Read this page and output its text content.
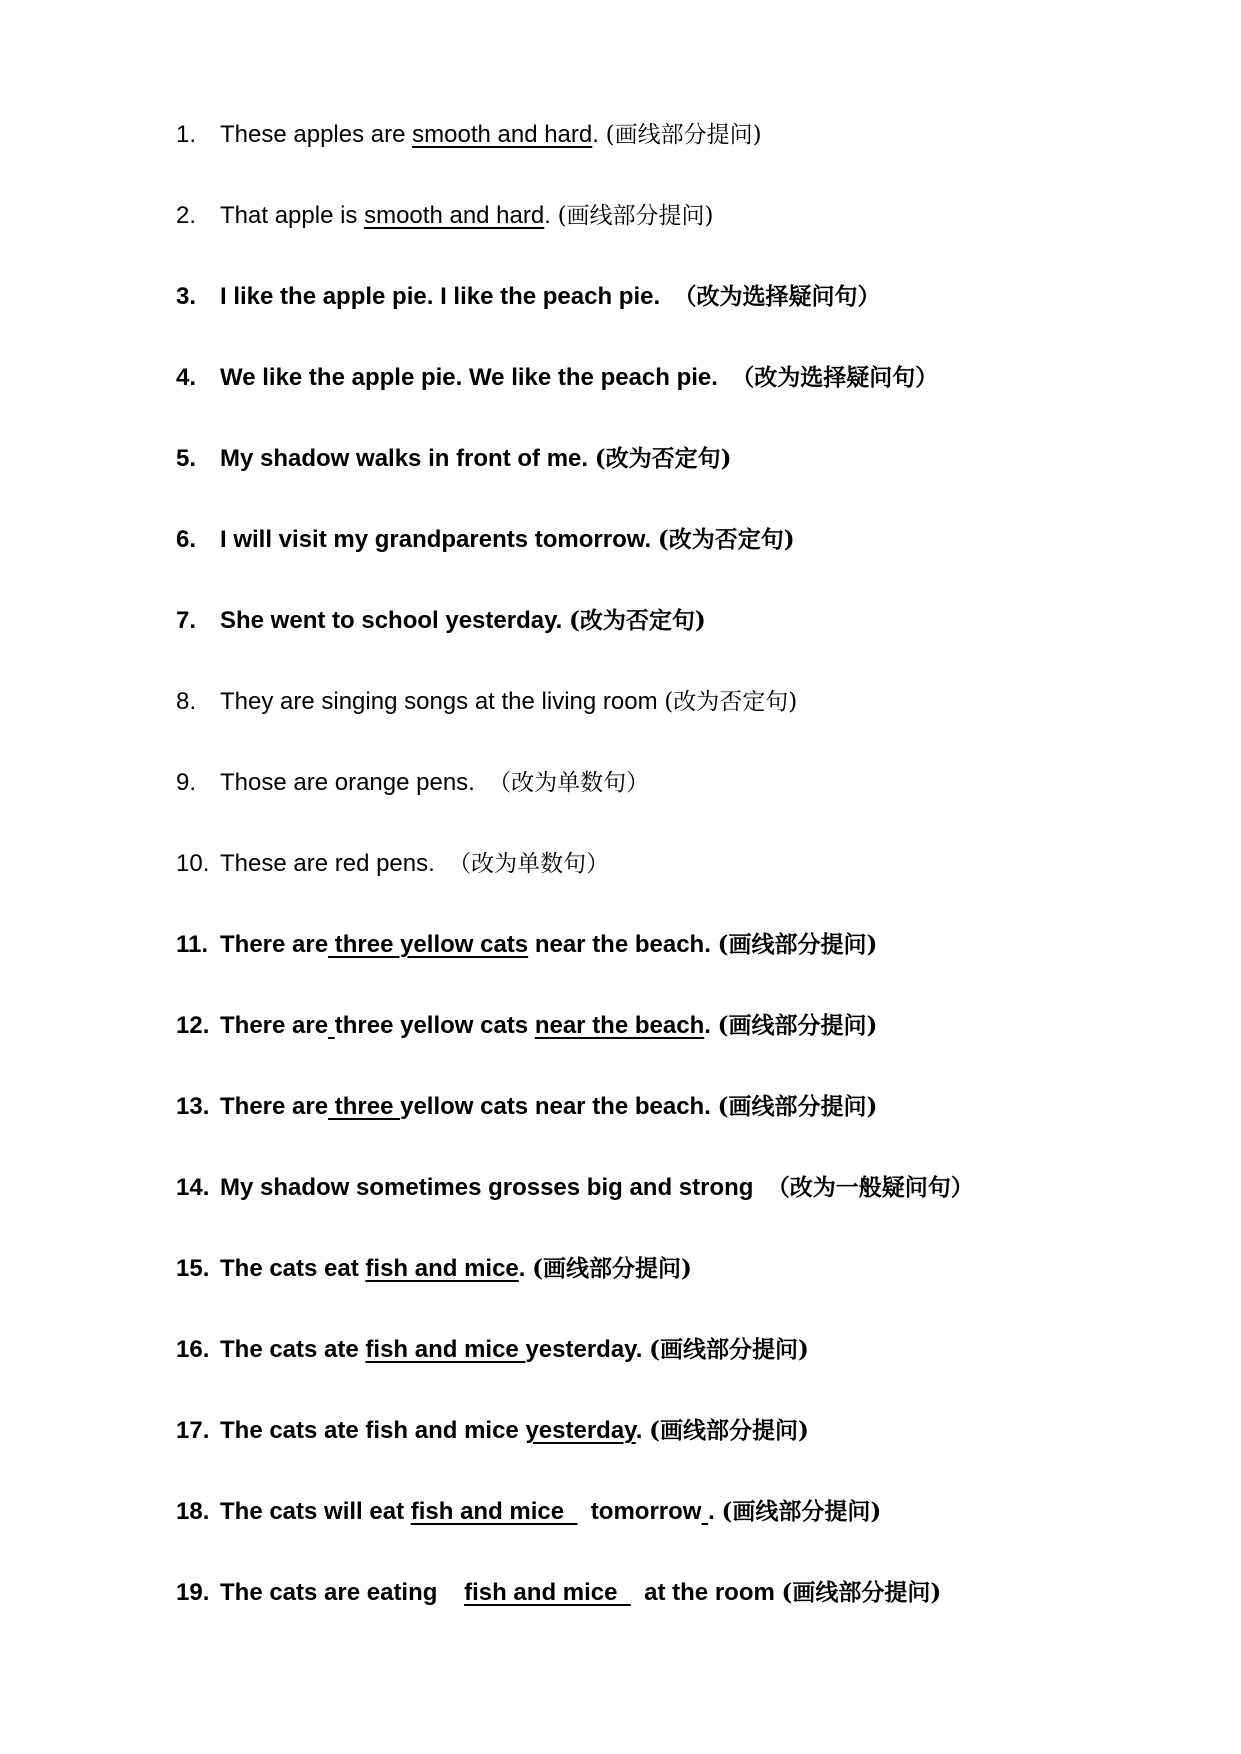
1. These apples are smooth and hard. (画线部分提问)
2. That apple is smooth and hard. (画线部分提问)
3. I like the apple pie. I like the peach pie.  （改为选择疑问句）
4. We like the apple pie. We like the peach pie.  （改为选择疑问句）
5. My shadow walks in front of me. (改为否定句)
6. I will visit my grandparents tomorrow. (改为否定句)
7. She went to school yesterday. (改为否定句)
8. They are singing songs at the living room (改为否定句)
9. Those are orange pens.  （改为单数句）
10. These are red pens.  （改为单数句）
11. There are three yellow cats near the beach. (画线部分提问)
12. There are three yellow cats near the beach. (画线部分提问)
13. There are three yellow cats near the beach. (画线部分提问)
14. My shadow sometimes grosses big and strong  （改为一般疑问句）
15. The cats eat fish and mice. (画线部分提问)
16. The cats ate fish and mice yesterday. (画线部分提问)
17. The cats ate fish and mice yesterday. (画线部分提问)
18. The cats will eat fish and mice    tomorrow . (画线部分提问)
19. The cats are eating    fish and mice    at the room (画线部分提问)
